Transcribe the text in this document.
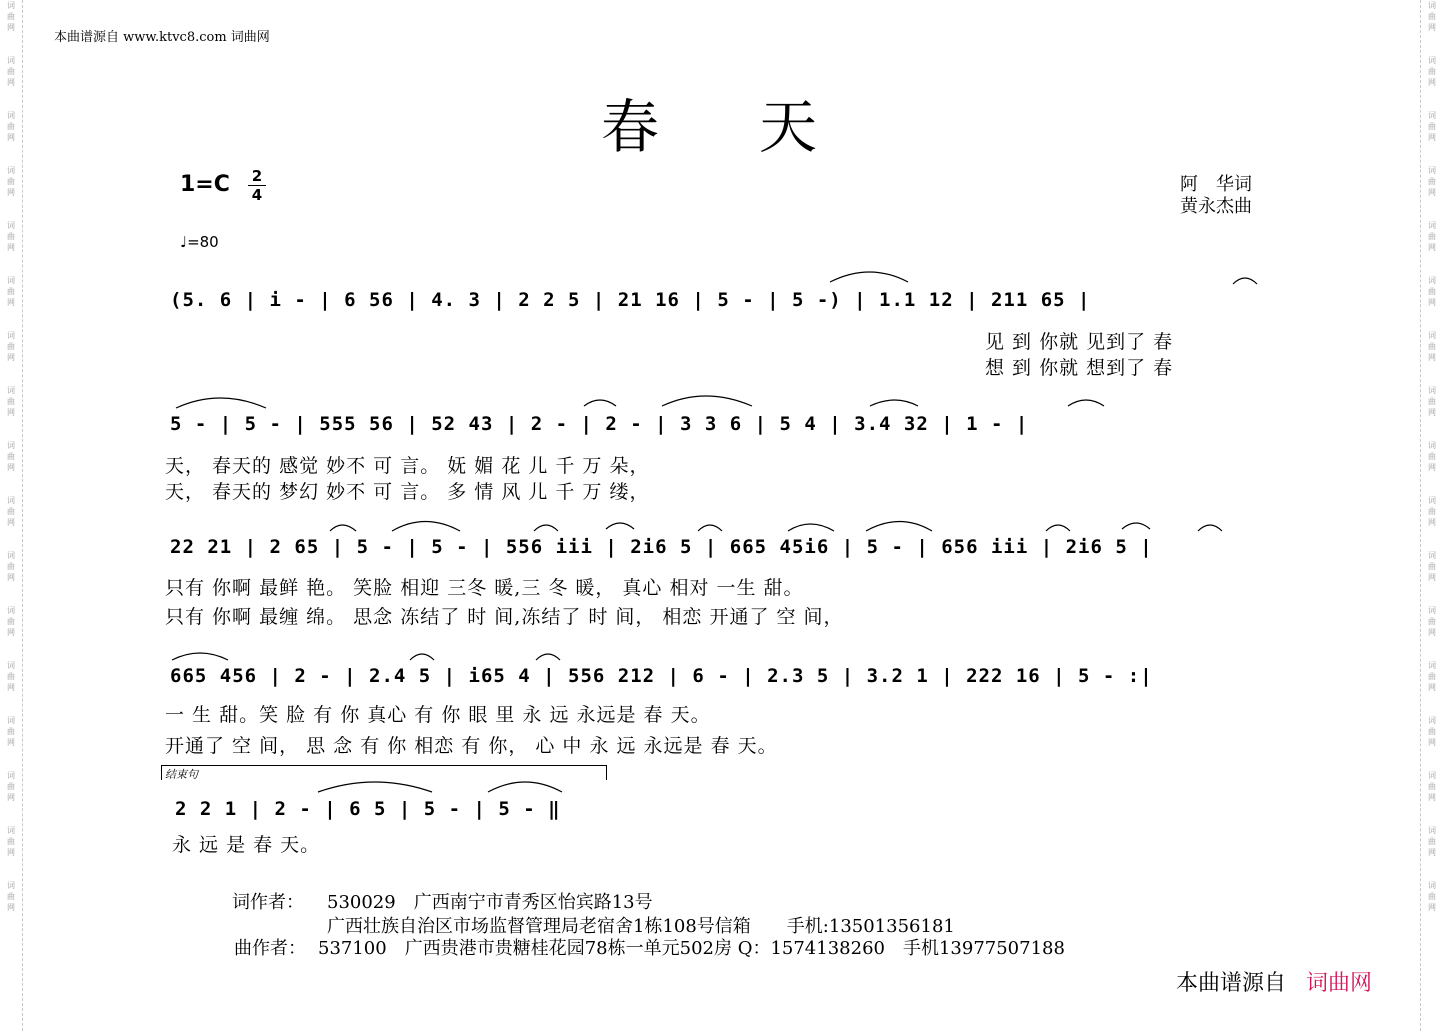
词
曲
网
词
曲
网
词
曲
网
词
曲
网
词
曲
网
词
曲
网
词
曲
网
词
曲
网
词
曲
网
词
曲
网
词
曲
网
词
曲
网
词
曲
网
词
曲
网
词
曲
网
词
曲
网
词
曲
网
词
曲
网
词
曲
网
词
曲
网
词
曲
网
词
曲
网
词
曲
网
词
曲
网
词
曲
网
词
曲
网
词
曲
网
词
曲
网
词
曲
网
词
曲
网
词
曲
网
词
曲
网
词
曲
网
词
曲
网
本曲谱源自 www.ktvc8.com 词曲网
春天
1=C	2
4
♩=80
阿　华词
黄永杰曲
(5. 6 | i - | 6 56 | 4. 3 | 2 2 5 | 21 16 | 5 - | 5 -) | 1.1 12 | 211 65 |
见 到 你就 见到了 春
想 到 你就 想到了 春
5 - | 5 - | 555 56 | 52 43 | 2 - | 2 - | 3 3 6 | 5 4 | 3.4 32 | 1 - |
天， 春天的 感觉 妙不 可 言。 妩 媚 花 儿 千 万 朵，
天， 春天的 梦幻 妙不 可 言。 多 情 风 儿 千 万 缕，
22 21 | 2 65 | 5 - | 5 - | 556 iii | 2i6 5 | 665 45i6 | 5 - | 656 iii | 2i6 5 |
只有 你啊 最鲜 艳。 笑脸 相迎 三冬 暖,三 冬 暖， 真心 相对 一生 甜。
只有 你啊 最缠 绵。 思念 冻结了 时 间,冻结了 时 间， 相恋 开通了 空 间，
665 456 | 2 - | 2.4 5 | i65 4 | 556 212 | 6 - | 2.3 5 | 3.2 1 | 222 16 | 5 - :|
一 生 甜。笑 脸 有 你 真心 有 你 眼 里 永 远 永远是 春 天。
开通了 空 间， 思 念 有 你 相恋 有 你， 心 中 永 远 永远是 春 天。
结束句
2 2 1 | 2 - | 6 5 | 5 - | 5 - ‖
永 远 是 春 天。
词作者： 530029　广西南宁市青秀区怡宾路13号
广西壮族自治区市场监督管理局老宿舍1栋108号信箱　　手机:13501356181
曲作者： 537100　广西贵港市贵糖桂花园78栋一单元502房 Q：1574138260　手机13977507188
本曲谱源自 词曲网
